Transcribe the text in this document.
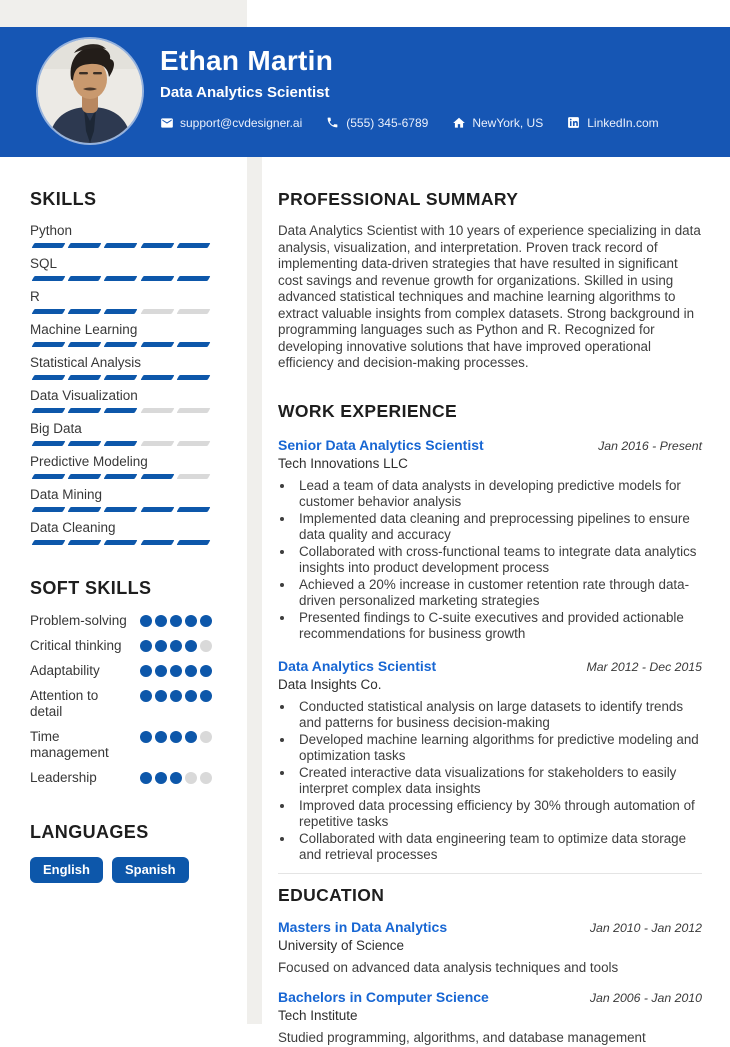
Ethan Martin
Data Analytics Scientist
support@cvdesigner.ai	(555) 345-6789	NewYork, US	LinkedIn.com
SKILLS
Python
SQL
R
Machine Learning
Statistical Analysis
Data Visualization
Big Data
Predictive Modeling
Data Mining
Data Cleaning
SOFT SKILLS
Problem-solving
Critical thinking
Adaptability
Attention to detail
Time management
Leadership
LANGUAGES
English	Spanish
PROFESSIONAL SUMMARY

Data Analytics Scientist with 10 years of experience specializing in data analysis, visualization, and interpretation. Proven track record of implementing data-driven strategies that have resulted in significant cost savings and revenue growth for organizations. Skilled in using advanced statistical techniques and machine learning algorithms to extract valuable insights from complex datasets. Strong background in programming languages such as Python and R. Recognized for developing innovative solutions that have improved operational efficiency and decision-making processes.

WORK EXPERIENCE
Senior Data Analytics Scientist	Jan 2016 - Present
Tech Innovations LLC
• Lead a team of data analysts in developing predictive models for customer behavior analysis
• Implemented data cleaning and preprocessing pipelines to ensure data quality and accuracy
• Collaborated with cross-functional teams to integrate data analytics insights into product development process
• Achieved a 20% increase in customer retention rate through data-driven personalized marketing strategies
• Presented findings to C-suite executives and provided actionable recommendations for business growth
Data Analytics Scientist	Mar 2012 - Dec 2015
Data Insights Co.
• Conducted statistical analysis on large datasets to identify trends and patterns for business decision-making
• Developed machine learning algorithms for predictive modeling and optimization tasks
• Created interactive data visualizations for stakeholders to easily interpret complex data insights
• Improved data processing efficiency by 30% through automation of repetitive tasks
• Collaborated with data engineering team to optimize data storage and retrieval processes
EDUCATION
Masters in Data Analytics	Jan 2010 - Jan 2012
University of Science
Focused on advanced data analysis techniques and tools
Bachelors in Computer Science	Jan 2006 - Jan 2010
Tech Institute
Studied programming, algorithms, and database management
